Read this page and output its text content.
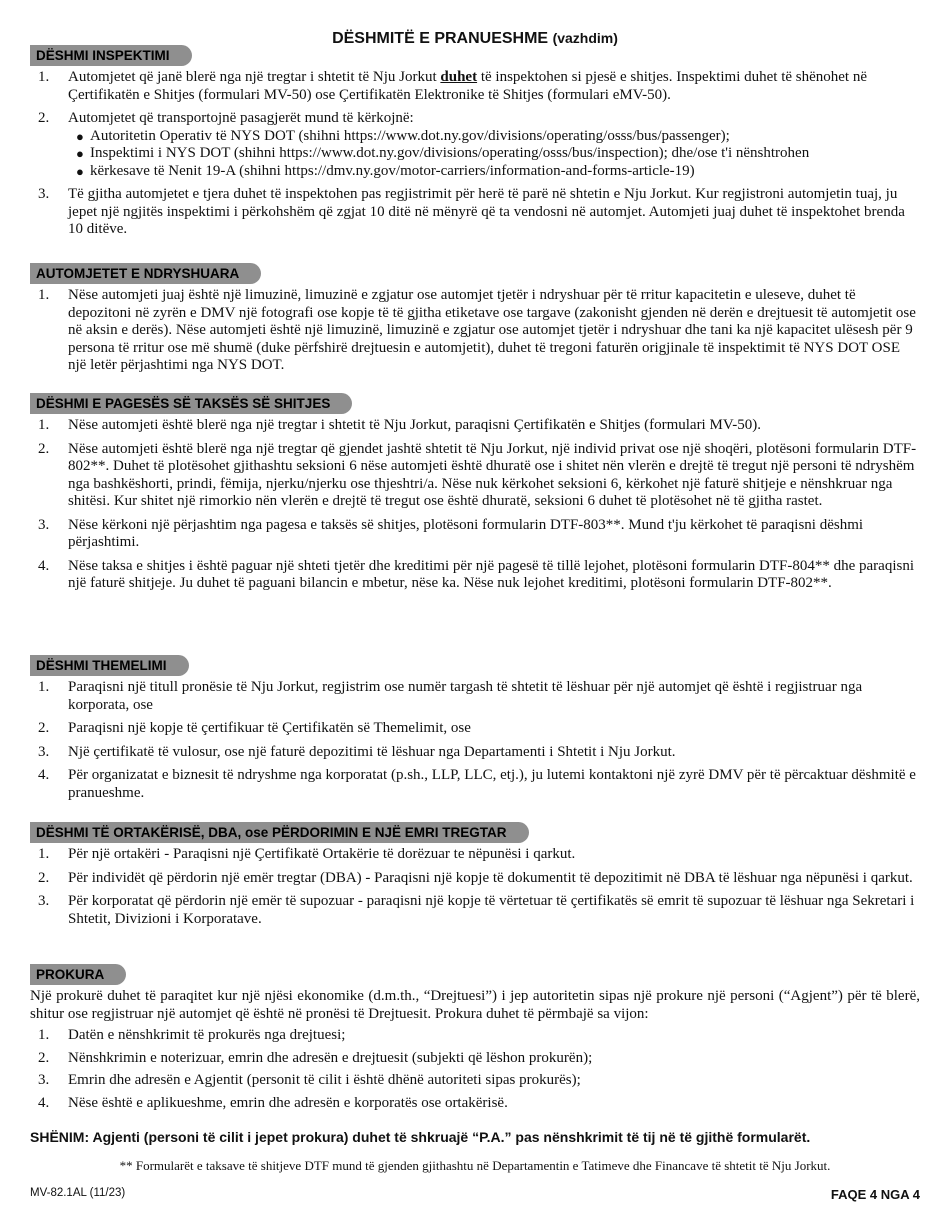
DËSHMITË E PRANUESHME (vazhdim)
DËSHMI INSPEKTIMI
1. Automjetet që janë blerë nga një tregtar i shtetit të Nju Jorkut duhet të inspektohen si pjesë e shitjes. Inspektimi duhet të shënohet në Çertifikatën e Shitjes (formulari MV-50) ose Çertifikatën Elektronike të Shitjes (formulari eMV-50).
2. Automjetet që transportojnë pasagjerët mund të kërkojnë:
● Autoritetin Operativ të NYS DOT (shihni https://www.dot.ny.gov/divisions/operating/osss/bus/passenger);
● Inspektimi i NYS DOT (shihni https://www.dot.ny.gov/divisions/operating/osss/bus/inspection); dhe/ose t'i nënshtrohen
● kërkesave të Nenit 19-A (shihni https://dmv.ny.gov/motor-carriers/information-and-forms-article-19)
3. Të gjitha automjetet e tjera duhet të inspektohen pas regjistrimit për herë të parë në shtetin e Nju Jorkut. Kur regjistroni automjetin tuaj, ju jepet një ngjitës inspektimi i përkohshëm që zgjat 10 ditë në mënyrë që ta vendosni në automjet. Automjeti juaj duhet të inspektohet brenda 10 ditëve.
AUTOMJETET E NDRYSHUARA
1. Nëse automjeti juaj është një limuzinë, limuzinë e zgjatur ose automjet tjetër i ndryshuar për të rritur kapacitetin e uleseve, duhet të depozitoni në zyrën e DMV një fotografi ose kopje të të gjitha etiketave ose targave (zakonisht gjenden në derën e drejtuesit të automjetit ose në aksin e derës). Nëse automjeti është një limuzinë, limuzinë e zgjatur ose automjet tjetër i ndryshuar dhe tani ka një kapacitet ulësesh për 9 persona të rritur ose më shumë (duke përfshirë drejtuesin e automjetit), duhet të tregoni faturën origjinale të inspektimit të NYS DOT OSE një letër përjashtimi nga NYS DOT.
DËSHMI E PAGESËS SË TAKSËS SË SHITJES
1. Nëse automjeti është blerë nga një tregtar i shtetit të Nju Jorkut, paraqisni Çertifikatën e Shitjes (formulari MV-50).
2. Nëse automjeti është blerë nga një tregtar që gjendet jashtë shtetit të Nju Jorkut, një individ privat ose një shoqëri, plotësoni formularin DTF-802**. Duhet të plotësohet gjithashtu seksioni 6 nëse automjeti është dhuratë ose i shitet nën vlerën e drejtë të tregut një personi të ndryshëm nga bashkëshorti, prindi, fëmija, njerku/njerku ose thjeshtri/a. Nëse nuk kërkohet seksioni 6, kërkohet një faturë shitjeje e nënshkruar nga shitësi. Kur shitet një rimorkio nën vlerën e drejtë të tregut ose është dhuratë, seksioni 6 duhet të plotësohet në të gjitha rastet.
3. Nëse kërkoni një përjashtim nga pagesa e taksës së shitjes, plotësoni formularin DTF-803**. Mund t'ju kërkohet të paraqisni dëshmi përjashtimi.
4. Nëse taksa e shitjes i është paguar një shteti tjetër dhe kreditimi për një pagesë të tillë lejohet, plotësoni formularin DTF-804** dhe paraqisni një faturë shitjeje. Ju duhet të paguani bilancin e mbetur, nëse ka. Nëse nuk lejohet kreditimi, plotësoni formularin DTF-802**.
DËSHMI THEMELIMI
1. Paraqisni një titull pronësie të Nju Jorkut, regjistrim ose numër targash të shtetit të lëshuar për një automjet që është i regjistruar nga korporata, ose
2. Paraqisni një kopje të çertifikuar të Çertifikatën së Themelimit, ose
3. Një çertifikatë të vulosur, ose një faturë depozitimi të lëshuar nga Departamenti i Shtetit i Nju Jorkut.
4. Për organizatat e biznesit të ndryshme nga korporatat (p.sh., LLP, LLC, etj.), ju lutemi kontaktoni një zyrë DMV për të përcaktuar dëshmitë e pranueshme.
DËSHMI TË ORTAKËRISË, DBA, ose PËRDORIMIN E NJË EMRI TREGTAR
1. Për një ortakëri - Paraqisni një Çertifikatë Ortakërie të dorëzuar te nëpunësi i qarkut.
2. Për individët që përdorin një emër tregtar (DBA) - Paraqisni një kopje të dokumentit të depozitimit në DBA të lëshuar nga nëpunësi i qarkut.
3. Për korporatat që përdorin një emër të supozuar - paraqisni një kopje të vërtetuar të çertifikatës së emrit të supozuar të lëshuar nga Sekretari i Shtetit, Divizioni i Korporatave.
PROKURA
Një prokurë duhet të paraqitet kur një njësi ekonomike (d.m.th., “Drejtuesi”) i jep autoritetin sipas një prokure një personi (“Agjent”) për të blerë, shitur ose regjistruar një automjet që është në pronësi të Drejtuesit. Prokura duhet të përmbajë sa vijon:
1. Datën e nënshkrimit të prokurës nga drejtuesi;
2. Nënshkrimin e noterizuar, emrin dhe adresën e drejtuesit (subjekti që lëshon prokurën);
3. Emrin dhe adresën e Agjentit (personit të cilit i është dhënë autoriteti sipas prokurës);
4. Nëse është e aplikueshme, emrin dhe adresën e korporatës ose ortakërisë.
SHËNIM: Agjenti (personi të cilit i jepet prokura) duhet të shkruajë “P.A.” pas nënshkrimit të tij në të gjithë formularët.
** Formularët e taksave të shitjeve DTF mund të gjenden gjithashtu në Departamentin e Tatimeve dhe Financave të shtetit të Nju Jorkut.
MV-82.1AL (11/23)	FAQE 4 NGA 4
